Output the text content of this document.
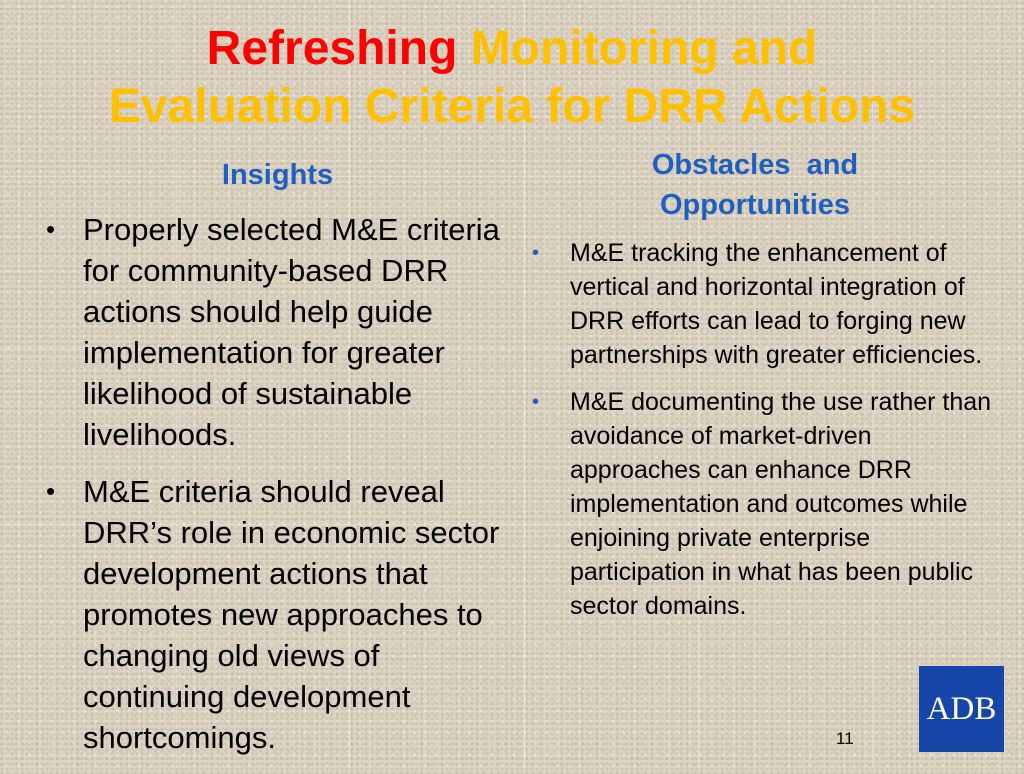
Refreshing Monitoring and
Evaluation Criteria for DRR Actions
Insights
• Properly selected M&E criteria for community-based DRR actions should help guide implementation for greater likelihood of sustainable livelihoods.
• M&E criteria should reveal DRR’s role in economic sector development actions that promotes new approaches to changing old views of continuing development shortcomings.
Obstacles  and
Opportunities
• M&E tracking the enhancement of vertical and horizontal integration of DRR efforts can lead to forging new partnerships with greater efficiencies.
• M&E documenting the use rather than avoidance of market-driven approaches can enhance DRR implementation and outcomes while enjoining private enterprise participation in what has been public sector domains.
11
ADB
